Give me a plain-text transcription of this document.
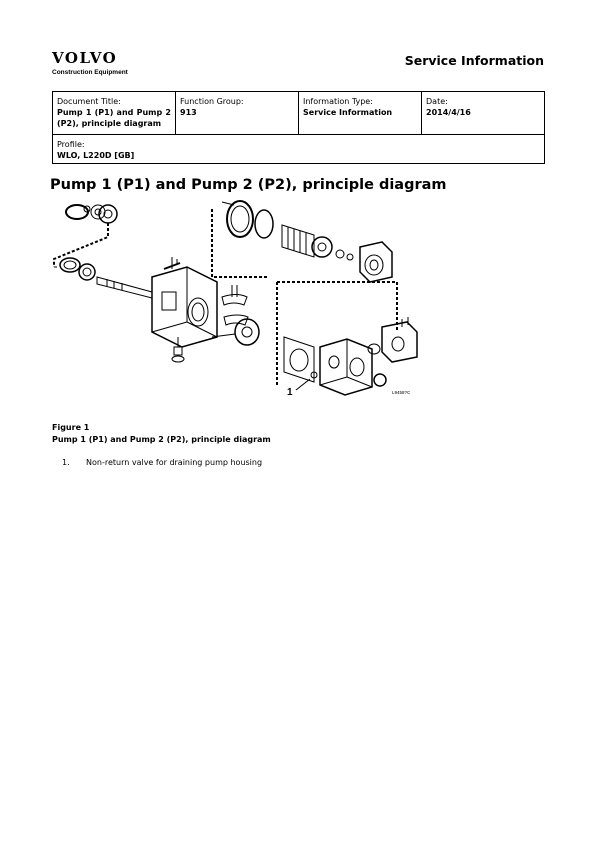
VOLVO
Construction Equipment
Service Information
Document Title:
Pump 1 (P1) and Pump 2 (P2), principle diagram
Function Group:
913
Information Type:
Service Information
Date:
2014/4/16
Profile:
WLO, L220D [GB]
Pump 1 (P1) and Pump 2 (P2), principle diagram
1	L9458?C
Figure 1
Pump 1 (P1) and Pump 2 (P2), principle diagram
1.	Non-return valve for draining pump housing
